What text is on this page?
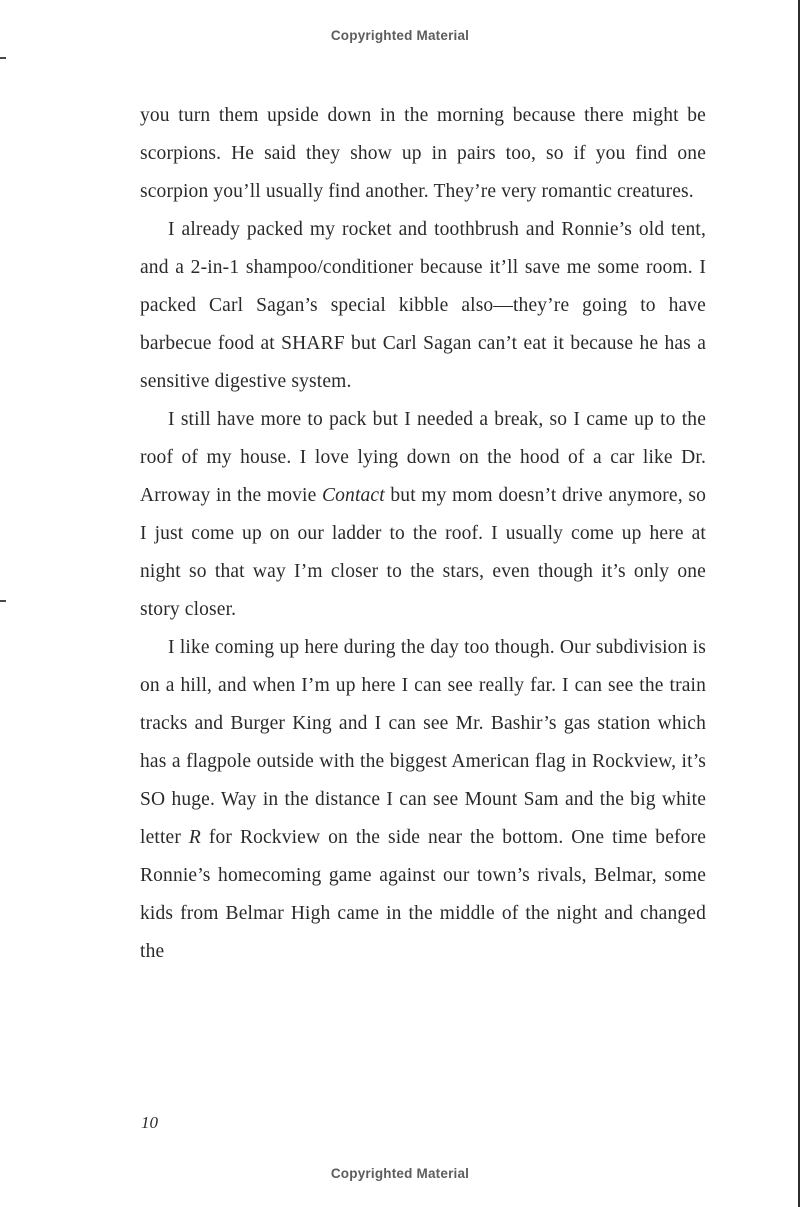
Copyrighted Material

you turn them upside down in the morning because there might be scorpions. He said they show up in pairs too, so if you find one scorpion you’ll usually find another. They’re very romantic creatures.

I already packed my rocket and toothbrush and Ronnie’s old tent, and a 2-in-1 shampoo/conditioner because it’ll save me some room. I packed Carl Sagan’s special kibble also—they’re going to have barbecue food at SHARF but Carl Sagan can’t eat it because he has a sensitive digestive system.

I still have more to pack but I needed a break, so I came up to the roof of my house. I love lying down on the hood of a car like Dr. Arroway in the movie Contact but my mom doesn’t drive anymore, so I just come up on our ladder to the roof. I usually come up here at night so that way I’m closer to the stars, even though it’s only one story closer.

I like coming up here during the day too though. Our subdivision is on a hill, and when I’m up here I can see really far. I can see the train tracks and Burger King and I can see Mr. Bashir’s gas station which has a flagpole outside with the biggest American flag in Rockview, it’s SO huge. Way in the distance I can see Mount Sam and the big white letter R for Rockview on the side near the bottom. One time before Ronnie’s homecoming game against our town’s rivals, Belmar, some kids from Belmar High came in the middle of the night and changed the

10
Copyrighted Material
